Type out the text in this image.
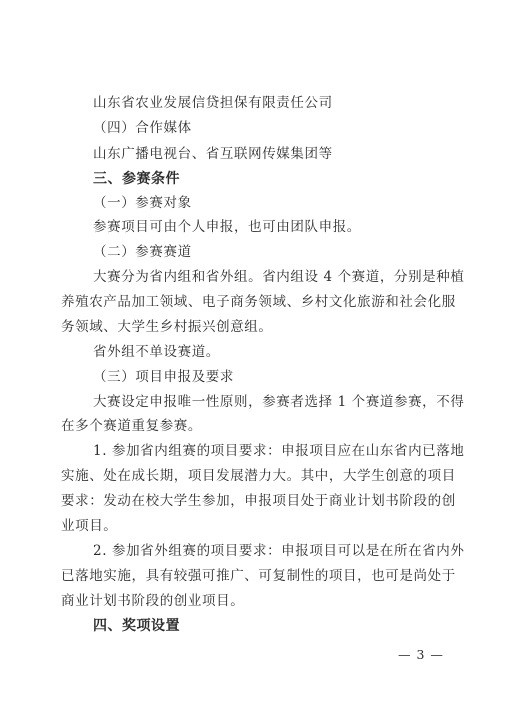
山东省农业发展信贷担保有限责任公司
（四）合作媒体
山东广播电视台、省互联网传媒集团等
三、参赛条件
（一）参赛对象
参赛项目可由个人申报，也可由团队申报。
（二）参赛赛道
大赛分为省内组和省外组。省内组设 4 个赛道，分别是种植
养殖农产品加工领域、电子商务领域、乡村文化旅游和社会化服
务领域、大学生乡村振兴创意组。
省外组不单设赛道。
（三）项目申报及要求
大赛设定申报唯一性原则，参赛者选择 1 个赛道参赛，不得
在多个赛道重复参赛。
1. 参加省内组赛的项目要求：申报项目应在山东省内已落地
实施、处在成长期，项目发展潜力大。其中，大学生创意的项目
要求：发动在校大学生参加，申报项目处于商业计划书阶段的创
业项目。
2. 参加省外组赛的项目要求：申报项目可以是在所在省内外
已落地实施，具有较强可推广、可复制性的项目，也可是尚处于
商业计划书阶段的创业项目。
四、奖项设置
— 3 —
